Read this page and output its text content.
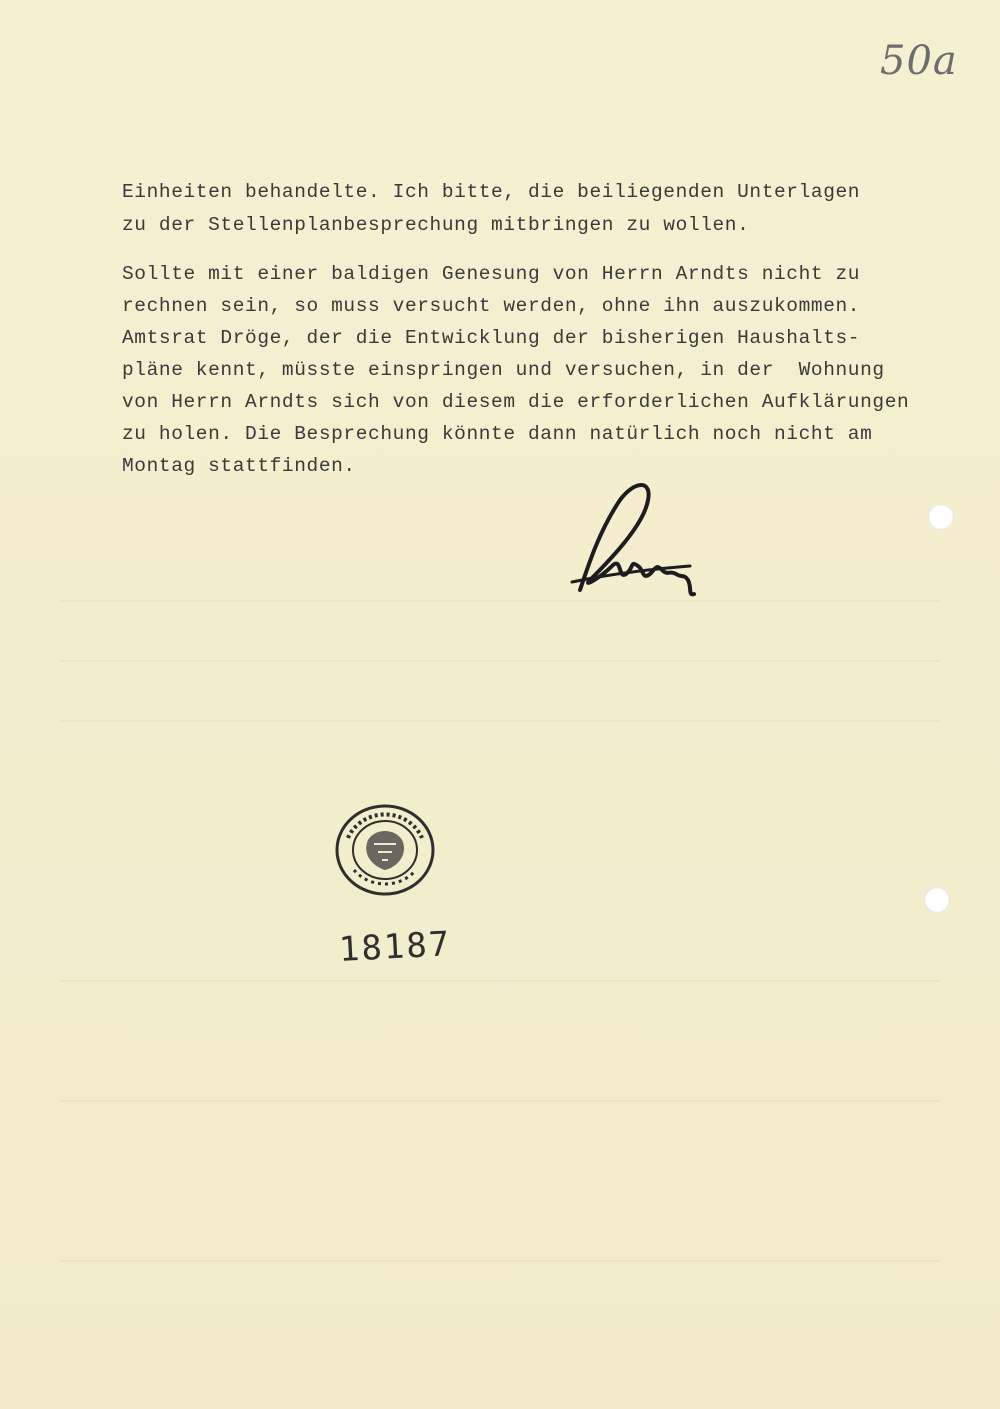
50a
Einheiten behandelte. Ich bitte, die beiliegenden Unterlagen
zu der Stellenplanbesprechung mitbringen zu wollen.
Sollte mit einer baldigen Genesung von Herrn Arndts nicht zu
rechnen sein, so muss versucht werden, ohne ihn auszukommen.
Amtsrat Dröge, der die Entwicklung der bisherigen Haushalts-
pläne kennt, müsste einspringen und versuchen, in der  Wohnung
von Herrn Arndts sich von diesem die erforderlichen Aufklärungen
zu holen. Die Besprechung könnte dann natürlich noch nicht am
Montag stattfinden.
18187
